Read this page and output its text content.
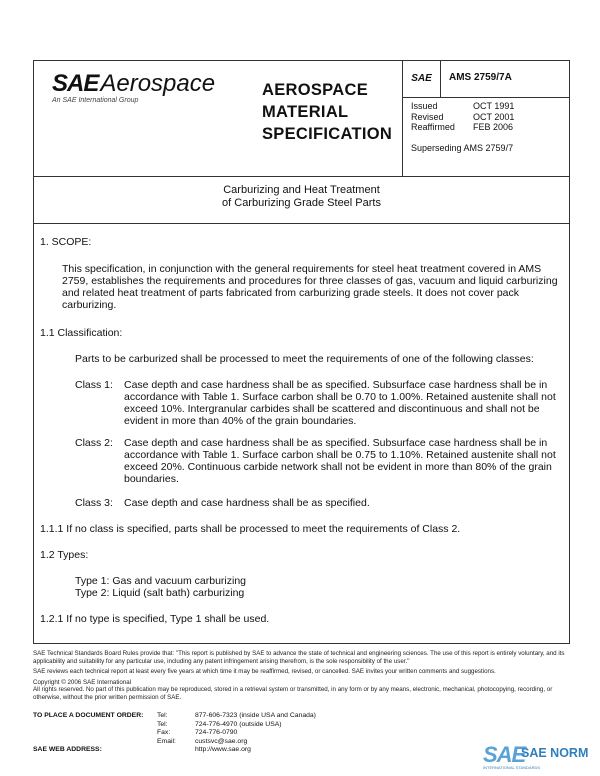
SAEAerospace
An SAE International Group
AEROSPACE
MATERIAL
SPECIFICATION
SAE	AMS 2759/7A
Issued	OCT 1991
Revised	OCT 2001
Reaffirmed	FEB 2006
Superseding AMS 2759/7
Carburizing and Heat Treatment
of Carburizing Grade Steel Parts
1. SCOPE:
This specification, in conjunction with the general requirements for steel heat treatment covered in AMS 2759, establishes the requirements and procedures for three classes of gas, vacuum and liquid carburizing and related heat treatment of parts fabricated from carburizing grade steels. It does not cover pack carburizing.
1.1 Classification:
Parts to be carburized shall be processed to meet the requirements of one of the following classes:
Class 1: Case depth and case hardness shall be as specified. Subsurface case hardness shall be in accordance with Table 1. Surface carbon shall be 0.70 to 1.00%. Retained austenite shall not exceed 10%. Intergranular carbides shall be scattered and discontinuous and shall not be evident in more than 40% of the grain boundaries.
Class 2: Case depth and case hardness shall be as specified. Subsurface case hardness shall be in accordance with Table 1. Surface carbon shall be 0.75 to 1.10%. Retained austenite shall not exceed 20%. Continuous carbide network shall not be evident in more than 80% of the grain boundaries.
Class 3: Case depth and case hardness shall be as specified.
1.1.1 If no class is specified, parts shall be processed to meet the requirements of Class 2.
1.2 Types:
Type 1: Gas and vacuum carburizing
Type 2: Liquid (salt bath) carburizing
1.2.1 If no type is specified, Type 1 shall be used.
SAE Technical Standards Board Rules provide that: "This report is published by SAE to advance the state of technical and engineering sciences. The use of this report is entirely voluntary, and its applicability and suitability for any particular use, including any patent infringement arising therefrom, is the sole responsibility of the user."
SAE reviews each technical report at least every five years at which time it may be reaffirmed, revised, or cancelled. SAE invites your written comments and suggestions.
Copyright © 2006 SAE International
All rights reserved. No part of this publication may be reproduced, stored in a retrieval system or transmitted, in any form or by any means, electronic, mechanical, photocopying, recording, or otherwise, without the prior written permission of SAE.
TO PLACE A DOCUMENT ORDER: Tel:	877-606-7323 (inside USA and Canada)
Tel:	724-776-4970 (outside USA)
Fax:	724-776-0790
Email:	custsvc@sae.org
SAE WEB ADDRESS:	http://www.sae.org	SAE
SAE NORM
INTERNATIONAL STANDARDS
